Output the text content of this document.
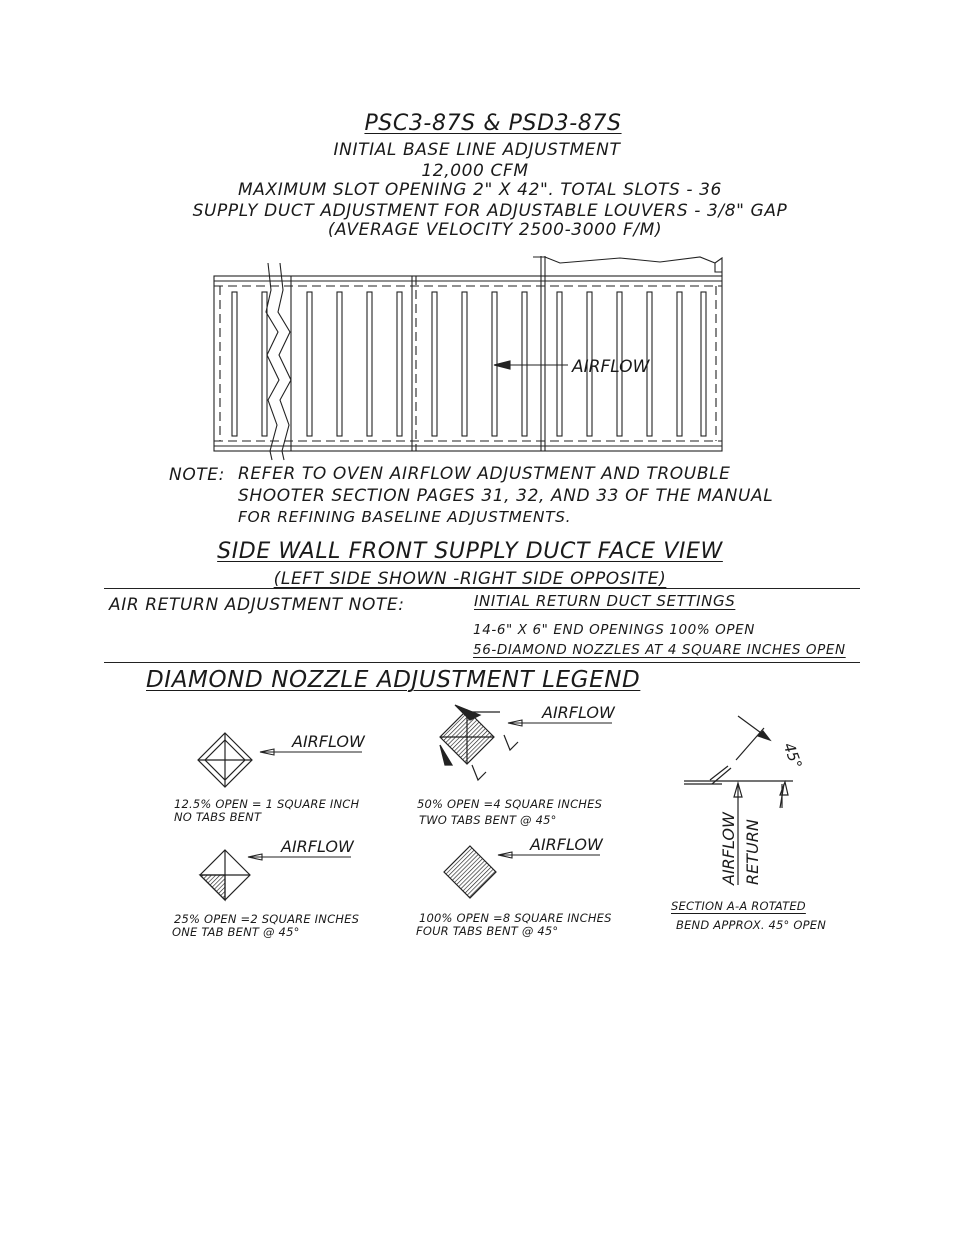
PSC3-87S & PSD3-87S
INITIAL BASE LINE ADJUSTMENT
12,000 CFM
MAXIMUM SLOT OPENING 2" X 42". TOTAL SLOTS - 36
SUPPLY DUCT ADJUSTMENT FOR ADJUSTABLE LOUVERS - 3/8" GAP
(AVERAGE VELOCITY 2500-3000 F/M)
AIRFLOW
NOTE: REFER TO OVEN AIRFLOW ADJUSTMENT AND TROUBLE
SHOOTER SECTION PAGES 31, 32, AND 33 OF THE MANUAL
FOR REFINING BASELINE ADJUSTMENTS.
SIDE WALL FRONT SUPPLY DUCT FACE VIEW
(LEFT SIDE SHOWN -RIGHT SIDE OPPOSITE)
AIR RETURN ADJUSTMENT NOTE:	INITIAL RETURN DUCT SETTINGS
14-6" X 6" END OPENINGS 100% OPEN
56-DIAMOND NOZZLES AT 4 SQUARE INCHES OPEN
DIAMOND NOZZLE ADJUSTMENT LEGEND
AIRFLOW
AIRFLOW
AIRFLOW	AIRFLOW
45°
AIRFLOW RETURN
12.5% OPEN = 1 SQUARE INCH
NO TABS BENT
50% OPEN =4 SQUARE INCHES
TWO TABS BENT @ 45°
25% OPEN =2 SQUARE INCHES
ONE TAB BENT @ 45°
100% OPEN =8 SQUARE INCHES
FOUR TABS BENT @ 45°
SECTION A-A ROTATED
BEND APPROX. 45° OPEN
